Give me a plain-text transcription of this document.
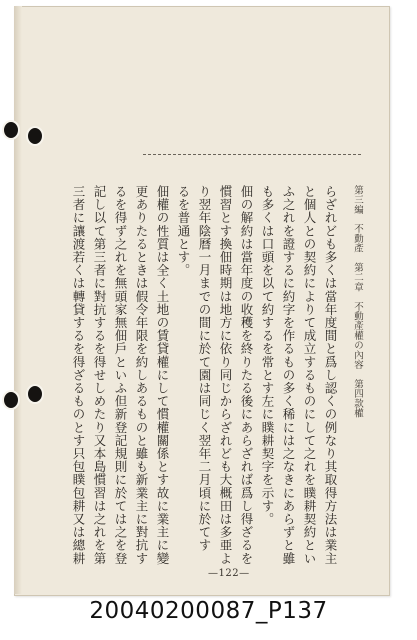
第三編　不動產　第二章　不動產權の內容　第四款權
らざれども多くは當年度間と爲し認くの例なり其取得方法は業主
と個人との契約によりて成立するものにして之れを瞨耕契約とい
ふ之れを證するに約字を作るもの多く稀には之なきにあらずと雖
も多くは口頭を以て約するを常とす左に瞨耕契字を示す。
佃の解約は當年度の收穫を終りたる後にあらざれば爲し得ざるを
慣習とす換佃時期は地方に依り同じからざれども大概田は多亜よ
り翌年陰曆一月までの間に於て園は同じく翌年二月頃に於てす
るを普通とす。
佃權の性質は全く土地の賃貸權にして慣權關係とす故に業主に變
更ありたるときは假令年限を約しあるものと雖も新業主に對抗す
るを得ず之れを無頭家無佃戶といふ但新登記規則に於ては之を登
記し以て第三者に對抗するを得せしめたり又本島慣習は之れを第
三者に讓渡若くは轉貸するを得ざるものとす只包瞨包耕又は總耕
—122—
20040200087_P137
